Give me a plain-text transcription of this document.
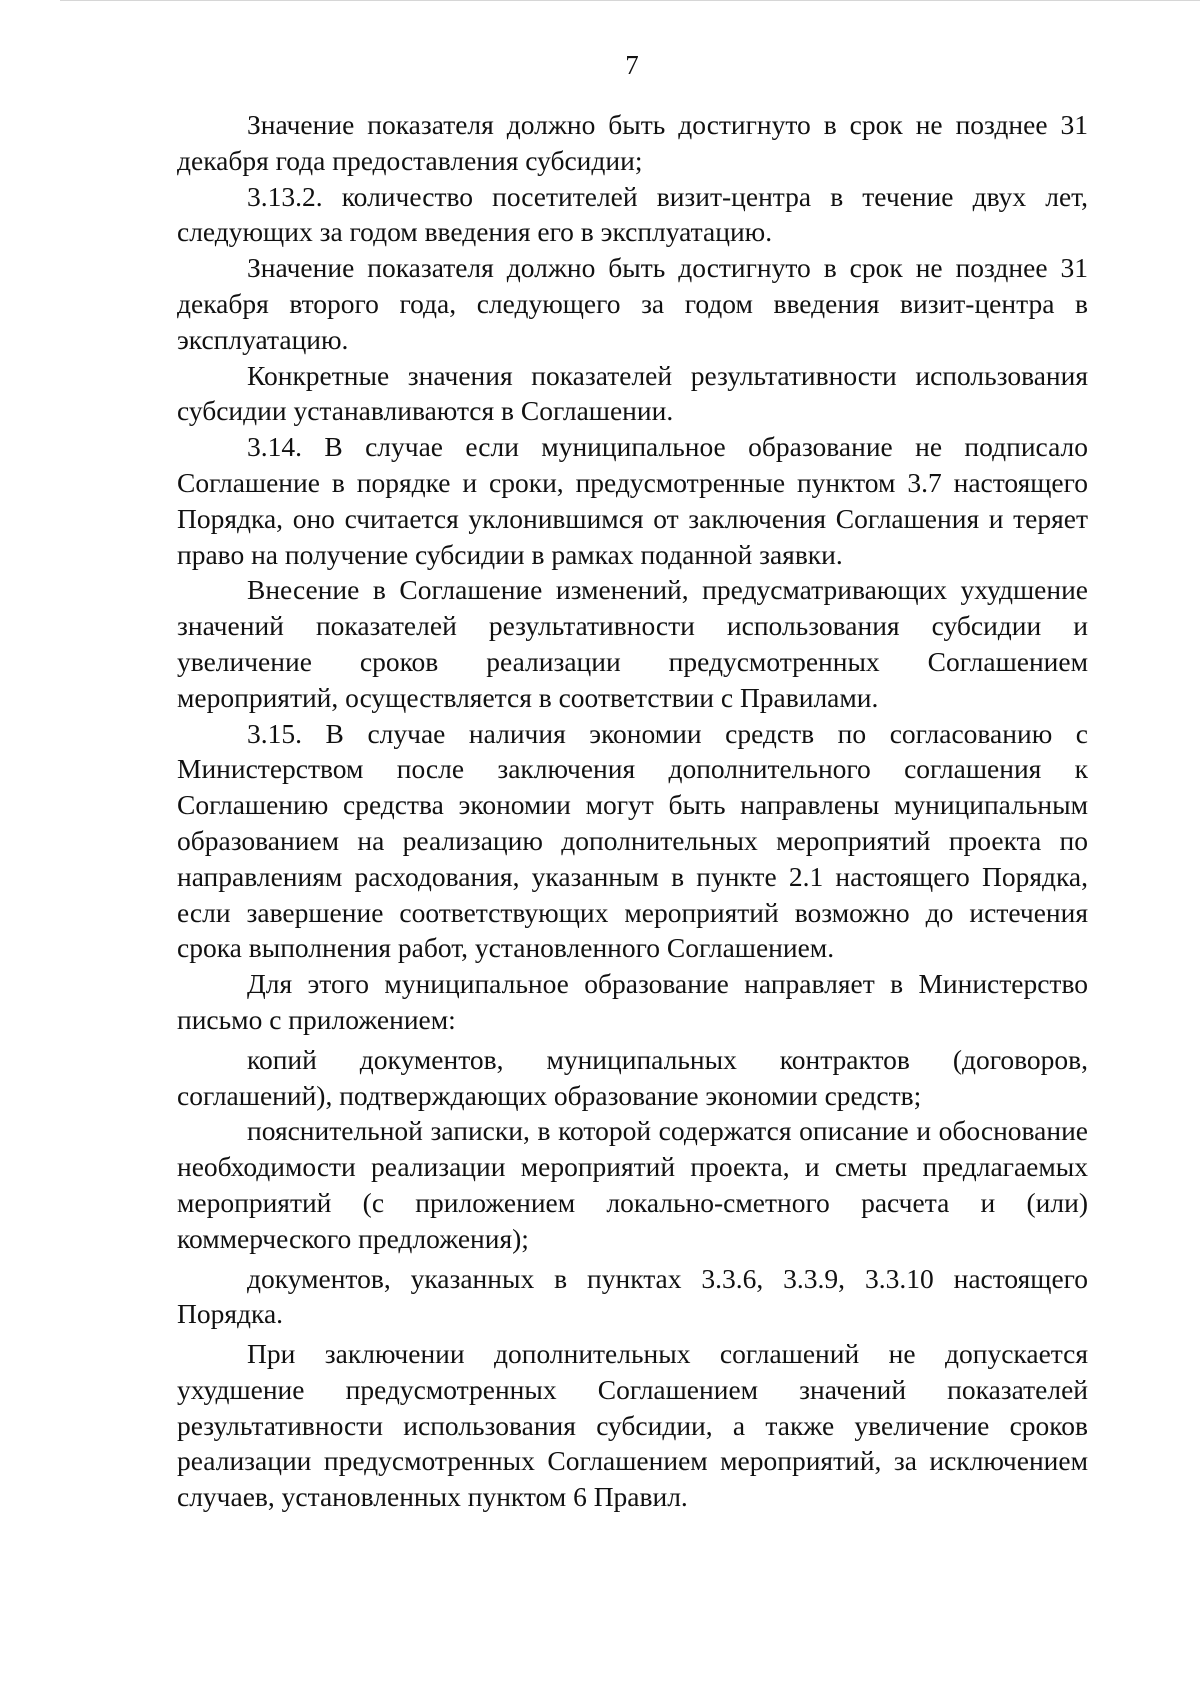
7

Значение показателя должно быть достигнуто в срок не позднее 31 декабря года предоставления субсидии;

3.13.2. количество посетителей визит-центра в течение двух лет, следующих за годом введения его в эксплуатацию.

Значение показателя должно быть достигнуто в срок не позднее 31 декабря второго года, следующего за годом введения визит-центра в эксплуатацию.

Конкретные значения показателей результативности использования субсидии устанавливаются в Соглашении.

3.14. В случае если муниципальное образование не подписало Соглашение в порядке и сроки, предусмотренные пунктом 3.7 настоящего Порядка, оно считается уклонившимся от заключения Соглашения и теряет право на получение субсидии в рамках поданной заявки.

Внесение в Соглашение изменений, предусматривающих ухудшение значений показателей результативности использования субсидии и увеличение сроков реализации предусмотренных Соглашением мероприятий, осуществляется в соответствии с Правилами.

3.15. В случае наличия экономии средств по согласованию с Министерством после заключения дополнительного соглашения к Соглашению средства экономии могут быть направлены муниципальным образованием на реализацию дополнительных мероприятий проекта по направлениям расходования, указанным в пункте 2.1 настоящего Порядка, если завершение соответствующих мероприятий возможно до истечения срока выполнения работ, установленного Соглашением.

Для этого муниципальное образование направляет в Министерство письмо с приложением:

копий документов, муниципальных контрактов (договоров, соглашений), подтверждающих образование экономии средств;

пояснительной записки, в которой содержатся описание и обоснование необходимости реализации мероприятий проекта, и сметы предлагаемых мероприятий (с приложением локально-сметного расчета и (или) коммерческого предложения);

документов, указанных в пунктах 3.3.6, 3.3.9, 3.3.10 настоящего Порядка.

При заключении дополнительных соглашений не допускается ухудшение предусмотренных Соглашением значений показателей результативности использования субсидии, а также увеличение сроков реализации предусмотренных Соглашением мероприятий, за исключением случаев, установленных пунктом 6 Правил.
